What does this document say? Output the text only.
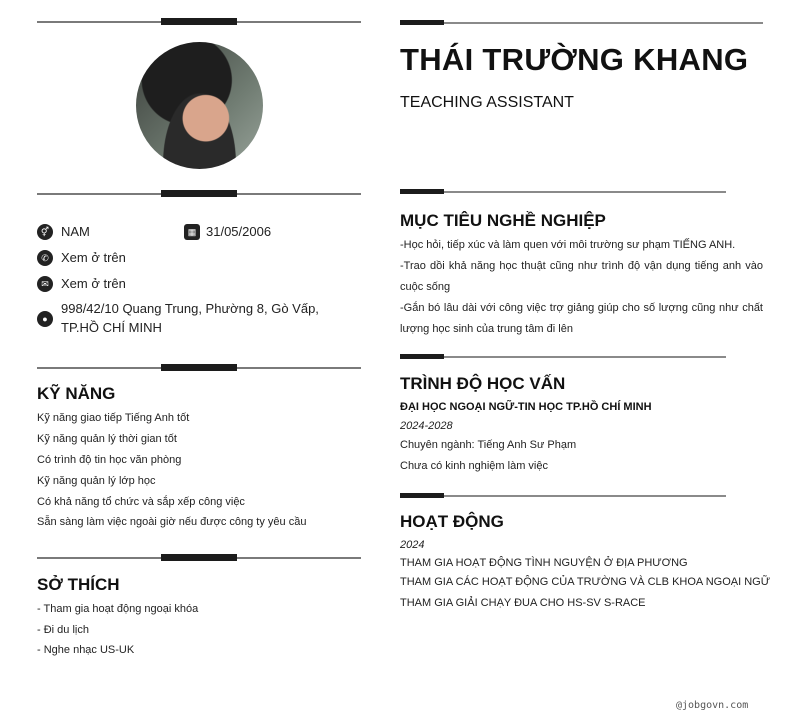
⚥ NAM	▦ 31/05/2006
✆ Xem ở trên
✉ Xem ở trên
●
998/42/10 Quang Trung, Phường 8, Gò Vấp, TP.HỒ CHÍ MINH
KỸ NĂNG
Kỹ năng giao tiếp Tiếng Anh tốt
Kỹ năng quản lý thời gian tốt
Có trình độ tin học văn phòng
Kỹ năng quản lý lớp học
Có khả năng tổ chức và sắp xếp công việc
Sẵn sàng làm việc ngoài giờ nếu được công ty yêu cầu
SỞ THÍCH
- Tham gia hoạt động ngoại khóa
- Đi du lịch
- Nghe nhạc US-UK
THÁI TRƯỜNG KHANG
TEACHING ASSISTANT
MỤC TIÊU NGHỀ NGHIỆP
-Học hỏi, tiếp xúc và làm quen với môi trường sư phạm TIẾNG ANH.
-Trao dồi khả năng học thuật cũng như trình độ vận dụng tiếng anh vào cuộc sống
-Gắn bó lâu dài với công việc trợ giảng giúp cho số lượng cũng như chất lượng học sinh của trung tâm đi lên
TRÌNH ĐỘ HỌC VẤN
ĐẠI HỌC NGOẠI NGỮ-TIN HỌC TP.HỒ CHÍ MINH
2024-2028
Chuyên ngành: Tiếng Anh Sư Phạm
Chưa có kinh nghiệm làm việc
HOẠT ĐỘNG
2024
THAM GIA HOẠT ĐỘNG TÌNH NGUYỆN Ở ĐỊA PHƯƠNG
THAM GIA CÁC HOẠT ĐỘNG CỦA TRƯỜNG VÀ CLB KHOA NGOẠI NGỮ
THAM GIA GIẢI CHẠY ĐUA CHO HS-SV S-RACE
@jobgovn.com
